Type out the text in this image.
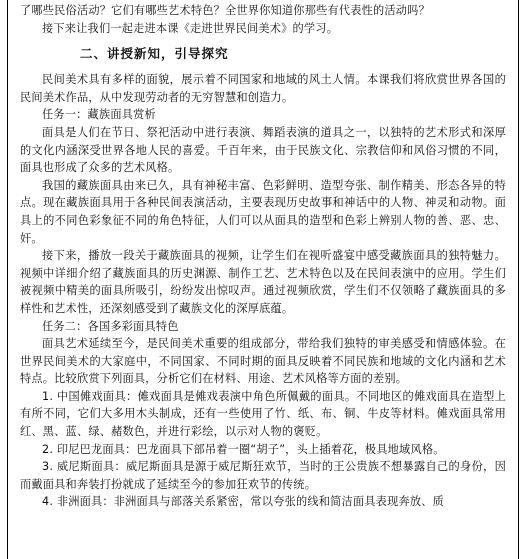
了哪些民俗活动？它们有哪些艺术特色？全世界你知道你那些有代表性的活动吗？

接下来让我们一起走进本课《走进世界民间美术》的学习。

二、讲授新知，引导探究

民间美术具有多样的面貌，展示着不同国家和地域的风土人情。本课我们将欣赏世界各国的民间美术作品，从中发现劳动者的无穷智慧和创造力。

任务一：藏族面具赏析

面具是人们在节日、祭祀活动中进行表演、舞蹈表演的道具之一，以独特的艺术形式和深厚的文化内涵深受世界各地人民的喜爱。千百年来，由于民族文化、宗教信仰和风俗习惯的不同，面具也形成了众多的艺术风格。

我国的藏族面具由来已久，具有神秘丰富、色彩鲜明、造型夸张、制作精美、形态各异的特点。现在藏族面具用于各种民间表演活动，主要表现历史故事和神话中的人物、神灵和动物。面具上的不同色彩象征不同的角色特征，人们可以从面具的造型和色彩上辨别人物的善、恶、忠、奸。

接下来，播放一段关于藏族面具的视频，让学生们在视听盛宴中感受藏族面具的独特魅力。视频中详细介绍了藏族面具的历史渊源、制作工艺、艺术特色以及在民间表演中的应用。学生们被视频中精美的面具所吸引，纷纷发出惊叹声。通过视频欣赏，学生们不仅领略了藏族面具的多样性和艺术性，还深刻感受到了藏族文化的深厚底蕴。

任务二：各国多彩面具特色

面具艺术延续至今，是民间美术重要的组成部分，带给我们独特的审美感受和情感体验。在世界民间美术的大家庭中，不同国家、不同时期的面具反映着不同民族和地域的文化内涵和艺术特点。比较欣赏下列面具，分析它们在材料、用途、艺术风格等方面的差别。

1. 中国傩戏面具：傩戏面具是傩戏表演中角色所佩戴的面具。不同地区的傩戏面具在造型上有所不同，它们大多用木头制成，还有一些使用了竹、纸、布、铜、牛皮等材料。傩戏面具常用红、黑、蓝、绿、赭数色，并进行彩绘，以示对人物的褒贬。

2. 印尼巴龙面具：巴龙面具下部吊着一圈“胡子”，头上插着花，极具地域风格。

3. 威尼斯面具：威尼斯面具是源于威尼斯狂欢节，当时的王公贵族不想暴露自己的身份，因而戴面具和奔装打扮就成了延续至今的参加狂欢节的传统。

4. 非洲面具：非洲面具与部落关系紧密，常以夸张的线和简洁面具表现奔放、质
